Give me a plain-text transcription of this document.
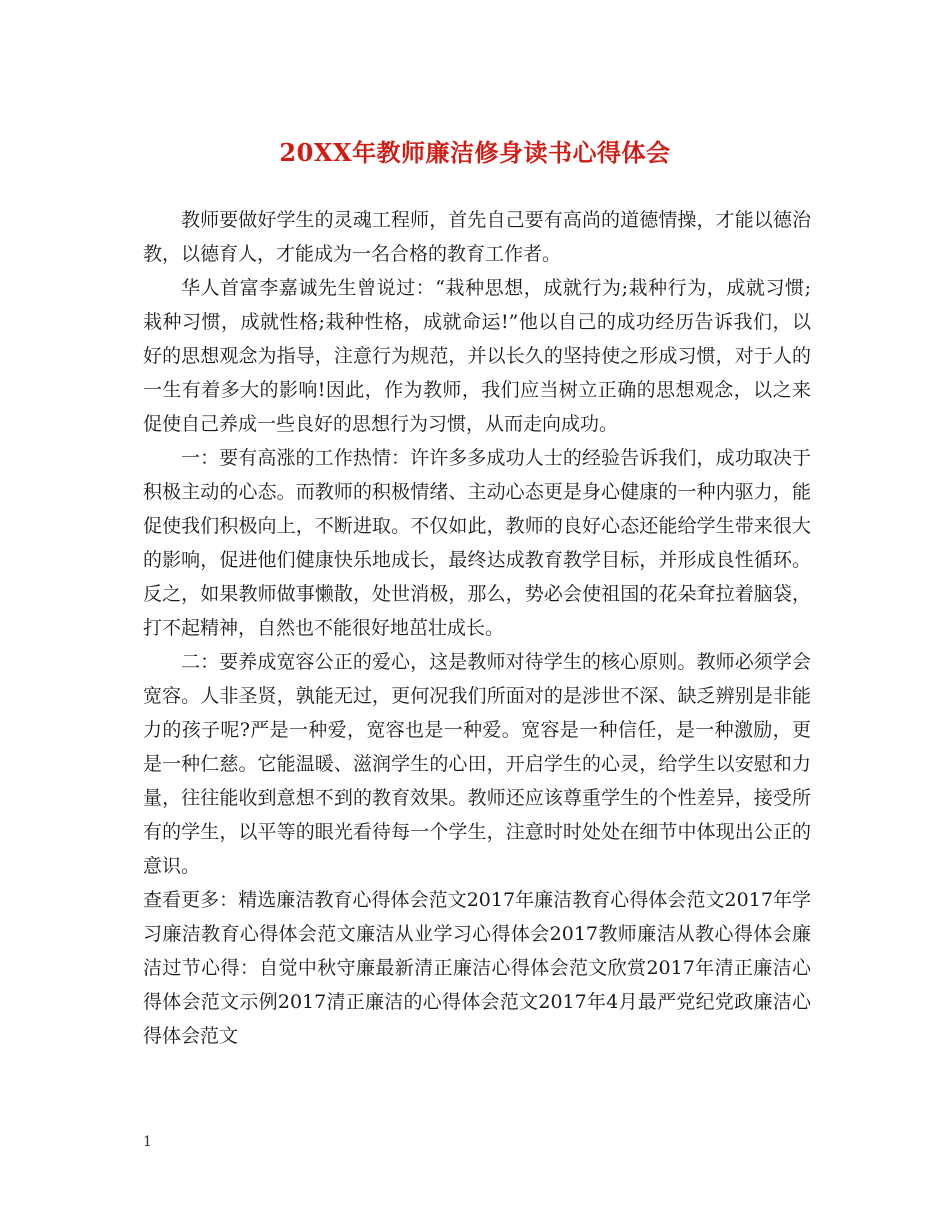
20XX年教师廉洁修身读书心得体会

教师要做好学生的灵魂工程师，首先自己要有高尚的道德情操，才能以德治教，以德育人，才能成为一名合格的教育工作者。

华人首富李嘉诚先生曾说过：“栽种思想，成就行为;栽种行为，成就习惯;栽种习惯，成就性格;栽种性格，成就命运!”他以自己的成功经历告诉我们，以好的思想观念为指导，注意行为规范，并以长久的坚持使之形成习惯，对于人的一生有着多大的影响!因此，作为教师，我们应当树立正确的思想观念，以之来促使自己养成一些良好的思想行为习惯，从而走向成功。

一：要有高涨的工作热情：许许多多成功人士的经验告诉我们，成功取决于积极主动的心态。而教师的积极情绪、主动心态更是身心健康的一种内驱力，能促使我们积极向上，不断进取。不仅如此，教师的良好心态还能给学生带来很大的影响，促进他们健康快乐地成长，最终达成教育教学目标，并形成良性循环。反之，如果教师做事懒散，处世消极，那么，势必会使祖国的花朵耷拉着脑袋，打不起精神，自然也不能很好地茁壮成长。

二：要养成宽容公正的爱心，这是教师对待学生的核心原则。教师必须学会宽容。人非圣贤，孰能无过，更何况我们所面对的是涉世不深、缺乏辨别是非能力的孩子呢?严是一种爱，宽容也是一种爱。宽容是一种信任，是一种激励，更是一种仁慈。它能温暖、滋润学生的心田，开启学生的心灵，给学生以安慰和力量，往往能收到意想不到的教育效果。教师还应该尊重学生的个性差异，接受所有的学生，以平等的眼光看待每一个学生，注意时时处处在细节中体现出公正的意识。

查看更多：精选廉洁教育心得体会范文2017年廉洁教育心得体会范文2017年学习廉洁教育心得体会范文廉洁从业学习心得体会2017教师廉洁从教心得体会廉洁过节心得：自觉中秋守廉最新清正廉洁心得体会范文欣赏2017年清正廉洁心得体会范文示例2017清正廉洁的心得体会范文2017年4月最严党纪党政廉洁心得体会范文

1
